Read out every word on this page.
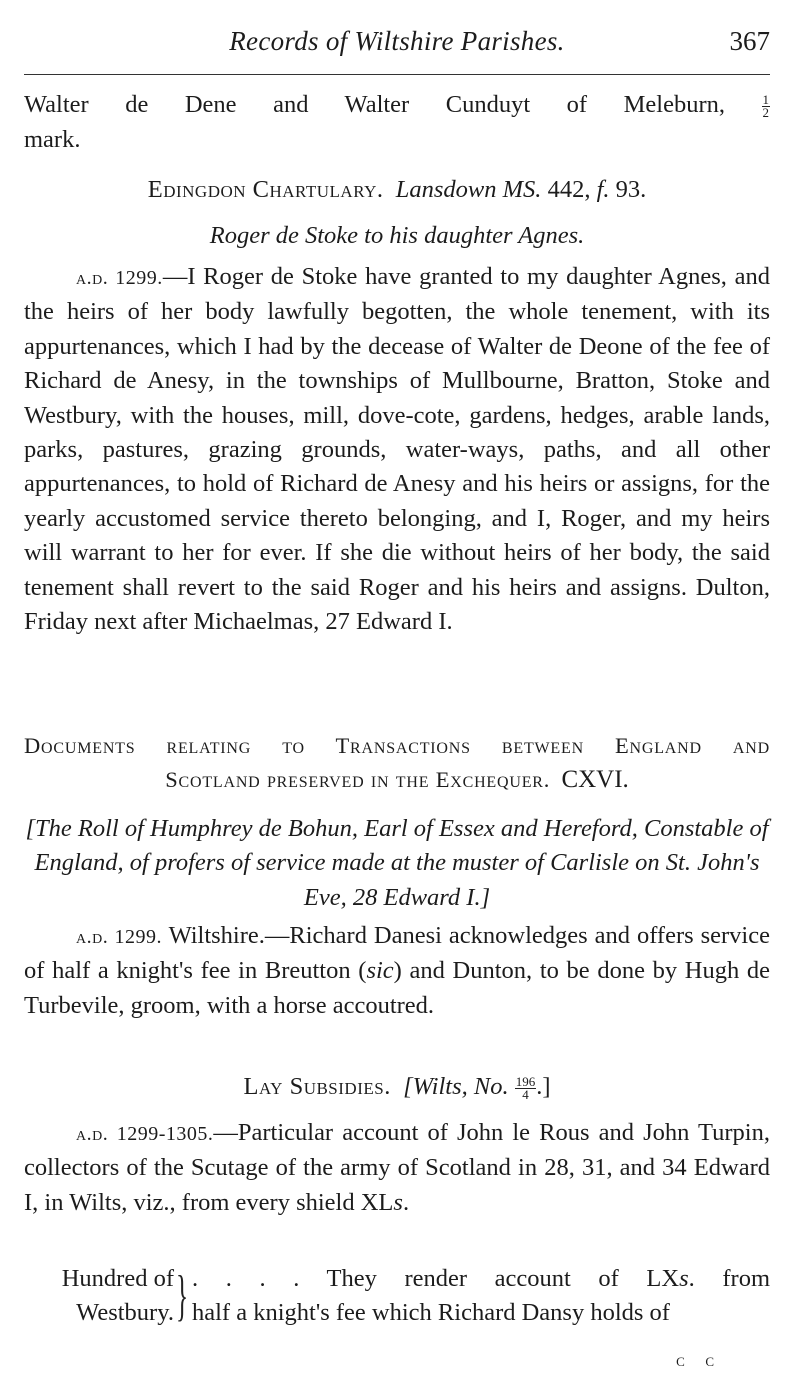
Records of Wiltshire Parishes.	367
Walter de Dene and Walter Cunduyt of Meleburn,	$\frac{1}{2}$
mark.
Edingdon Chartulary. Lansdown MS. 442, f. 93.
Roger de Stoke to his daughter Agnes.
a.d. 1299.—I Roger de Stoke have granted to my daughter Agnes, and the heirs of her body lawfully begotten, the whole tenement, with its appurtenances, which I had by the decease of Walter de Deone of the fee of Richard de Anesy, in the townships of Mullbourne, Bratton, Stoke and Westbury, with the houses, mill, dove-cote, gardens, hedges, arable lands, parks, pastures, grazing grounds, water-ways, paths, and all other appurtenances, to hold of Richard de Anesy and his heirs or assigns, for the yearly accustomed service thereto belonging, and I, Roger, and my heirs will warrant to her for ever. If she die without heirs of her body, the said tenement shall revert to the said Roger and his heirs and assigns. Dulton, Friday next after Michaelmas, 27 Edward I.
Documents relating to Transactions between England and
Scotland preserved in the Exchequer. CXVI.
[The Roll of Humphrey de Bohun, Earl of Essex and Hereford, Constable of England, of profers of service made at the muster of Carlisle on St. John's Eve, 28 Edward I.]
a.d. 1299. Wiltshire.—Richard Danesi acknowledges and offers service of half a knight's fee in Breutton (sic) and Dunton, to be done by Hugh de Turbevile, groom, with a horse accoutred.
Lay Subsidies. [Wilts, No. $\frac{196}{4}$ .]
a.d. 1299-1305.—Particular account of John le Rous and John Turpin, collectors of the Scutage of the army of Scotland in 28, 31, and 34 Edward I, in Wilts, viz., from every shield XLs.
Hundred of
Westbury. } . . . . They render account of LXs. from
half a knight's fee which Richard Dansy holds of
c c
